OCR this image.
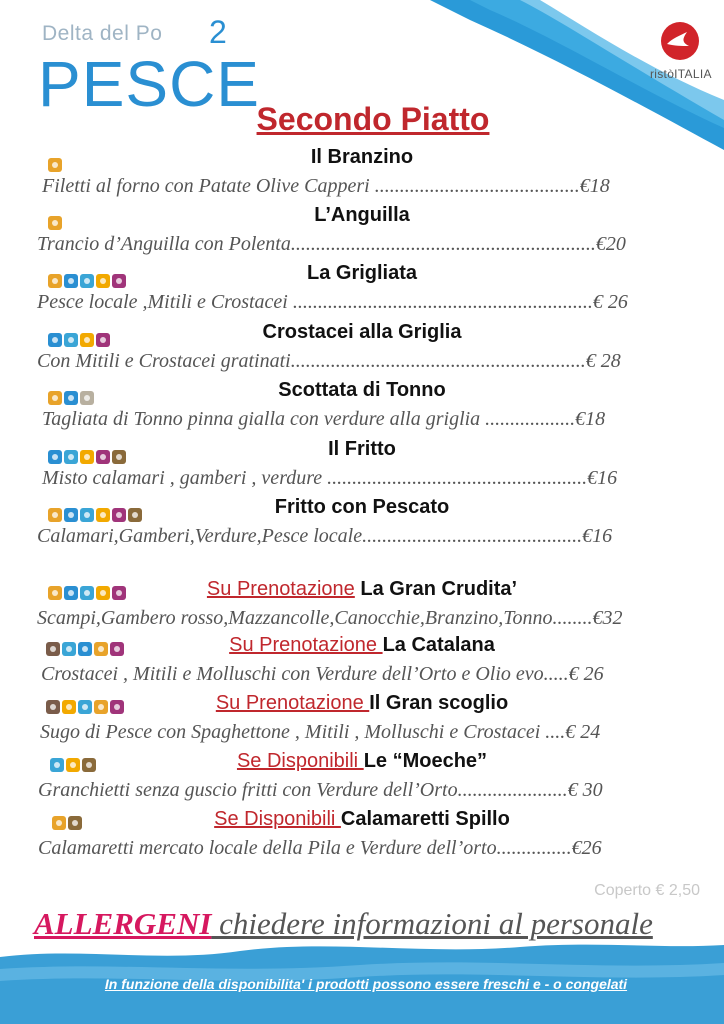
Delta del Po 2
PESCE	ristòITALIA
Secondo Piatto
Il Branzino
Filetti al forno con Patate Olive Capperi .........................................€18
L’Anguilla
Trancio d’Anguilla con Polenta.............................................................€20
La Grigliata
Pesce locale ,Mitili e Crostacei ............................................................€ 26
Crostacei alla Griglia
Con Mitili e Crostacei gratinati...........................................................€ 28
Scottata di Tonno
Tagliata di Tonno pinna gialla con verdure alla griglia ..................€18
Il Fritto
Misto calamari , gamberi , verdure ....................................................€16
Fritto con Pescato
Calamari,Gamberi,Verdure,Pesce locale............................................€16
Su Prenotazione La Gran Crudita’
Scampi,Gambero rosso,Mazzancolle,Canocchie,Branzino,Tonno........€32
Su Prenotazione La Catalana
Crostacei , Mitili e Molluschi con Verdure dell’Orto e Olio evo.....€ 26
Su Prenotazione Il Gran scoglio
Sugo di Pesce con Spaghettone , Mitili , Molluschi e Crostacei ....€ 24
Se Disponibili Le “Moeche”
Granchietti senza guscio fritti con Verdure dell’Orto......................€ 30
Se Disponibili Calamaretti Spillo
Calamaretti mercato locale della Pila e Verdure dell’orto...............€26
Coperto € 2,50
ALLERGENI chiedere informazioni al personale
In funzione della disponibilita' i prodotti possono essere freschi e - o congelati
